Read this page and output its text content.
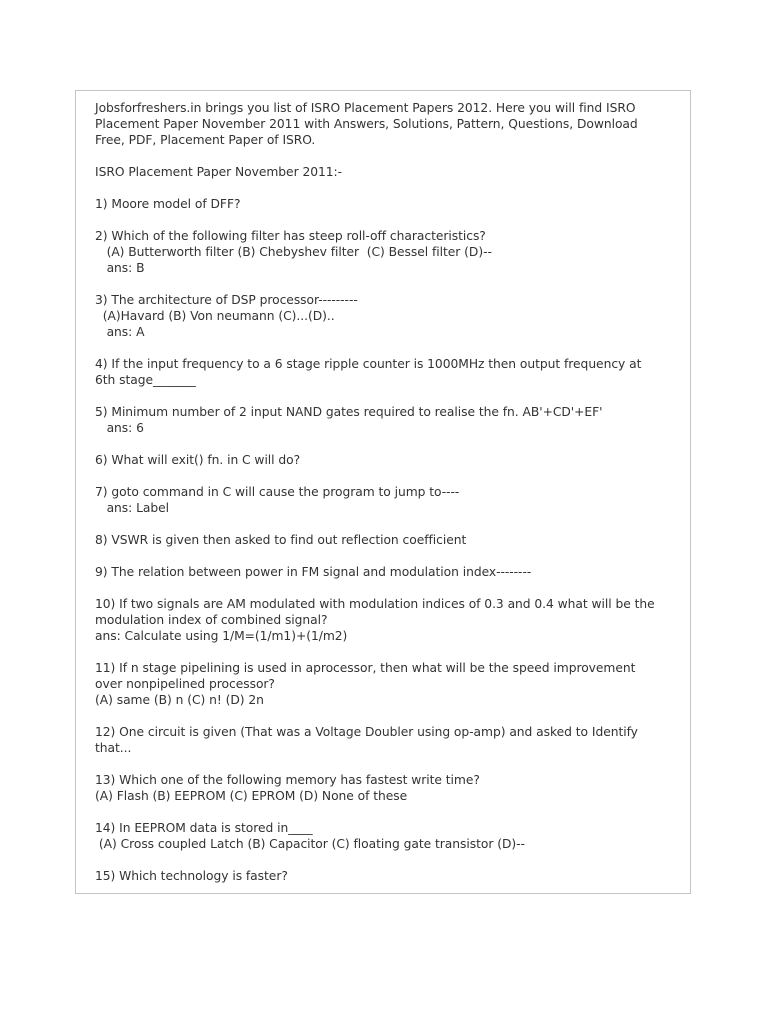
Jobsforfreshers.in brings you list of ISRO Placement Papers 2012. Here you will find ISRO
Placement Paper November 2011 with Answers, Solutions, Pattern, Questions, Download
Free, PDF, Placement Paper of ISRO.
ISRO Placement Paper November 2011:-
1) Moore model of DFF?
2) Which of the following filter has steep roll-off characteristics?
(A) Butterworth filter (B) Chebyshev filter  (C) Bessel filter (D)--
ans: B
3) The architecture of DSP processor---------
(A)Havard (B) Von neumann (C)...(D)..
ans: A
4) If the input frequency to a 6 stage ripple counter is 1000MHz then output frequency at
6th stage_______
5) Minimum number of 2 input NAND gates required to realise the fn. AB'+CD'+EF'
ans: 6
6) What will exit() fn. in C will do?
7) goto command in C will cause the program to jump to----
ans: Label
8) VSWR is given then asked to find out reflection coefficient
9) The relation between power in FM signal and modulation index--------
10) If two signals are AM modulated with modulation indices of 0.3 and 0.4 what will be the
modulation index of combined signal?
ans: Calculate using 1/M=(1/m1)+(1/m2)
11) If n stage pipelining is used in aprocessor, then what will be the speed improvement
over nonpipelined processor?
(A) same (B) n (C) n! (D) 2n
12) One circuit is given (That was a Voltage Doubler using op-amp) and asked to Identify
that...
13) Which one of the following memory has fastest write time?
(A) Flash (B) EEPROM (C) EPROM (D) None of these
14) In EEPROM data is stored in____
(A) Cross coupled Latch (B) Capacitor (C) floating gate transistor (D)--
15) Which technology is faster?
